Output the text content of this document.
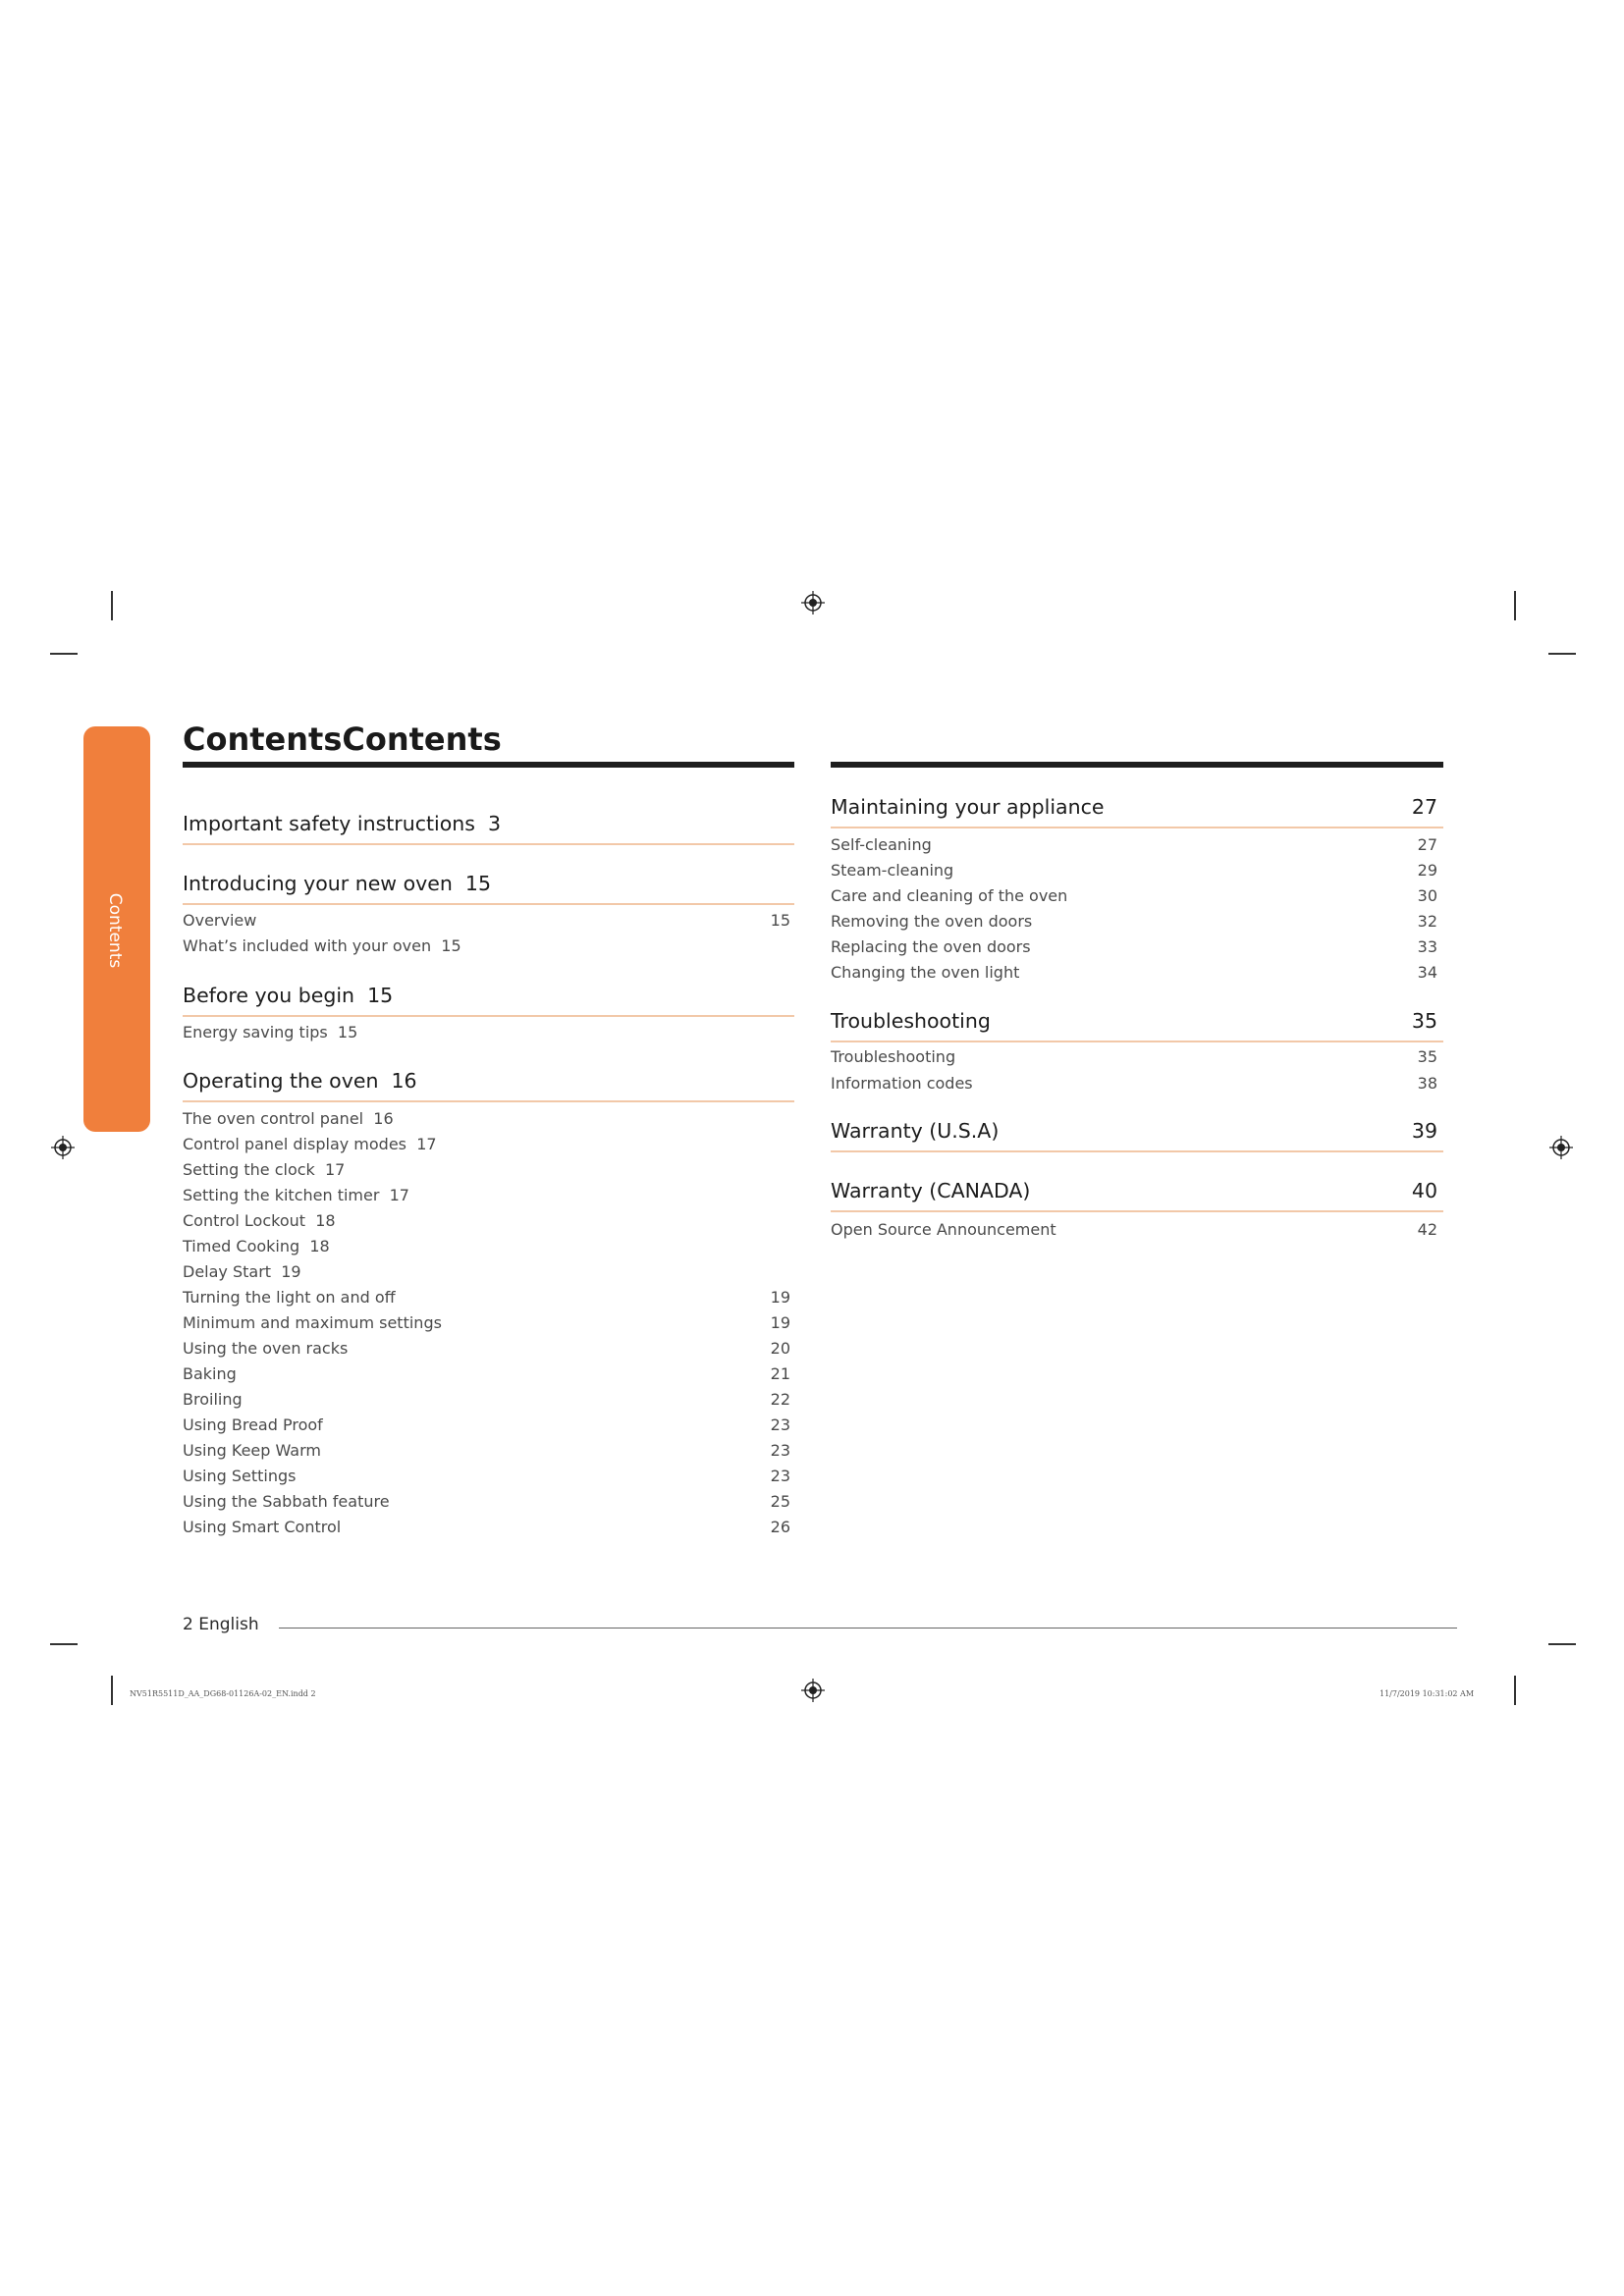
Contents
ContentsContents
Important safety instructions 3
Introducing your new oven 15
Overview	15
What’s included with your oven 15
Before you begin 15
Energy saving tips 15
Operating the oven 16
The oven control panel 16
Control panel display modes 17
Setting the clock 17
Setting the kitchen timer 17
Control Lockout 18
Timed Cooking 18
Delay Start 19
Turning the light on and off	19
Minimum and maximum settings	19
Using the oven racks	20
Baking	21
Broiling	22
Using Bread Proof	23
Using Keep Warm	23
Using Settings	23
Using the Sabbath feature	25
Using Smart Control	26
Maintaining your appliance	27
Self-cleaning	27
Steam-cleaning	29
Care and cleaning of the oven	30
Removing the oven doors	32
Replacing the oven doors	33
Changing the oven light	34
Troubleshooting	35
Troubleshooting	35
Information codes	38
Warranty (U.S.A)	39
Warranty (CANADA)	40
Open Source Announcement	42
2 English
NV51R5511D_AA_DG68-01126A-02_EN.indd 2	11/7/2019 10:31:02 AM
